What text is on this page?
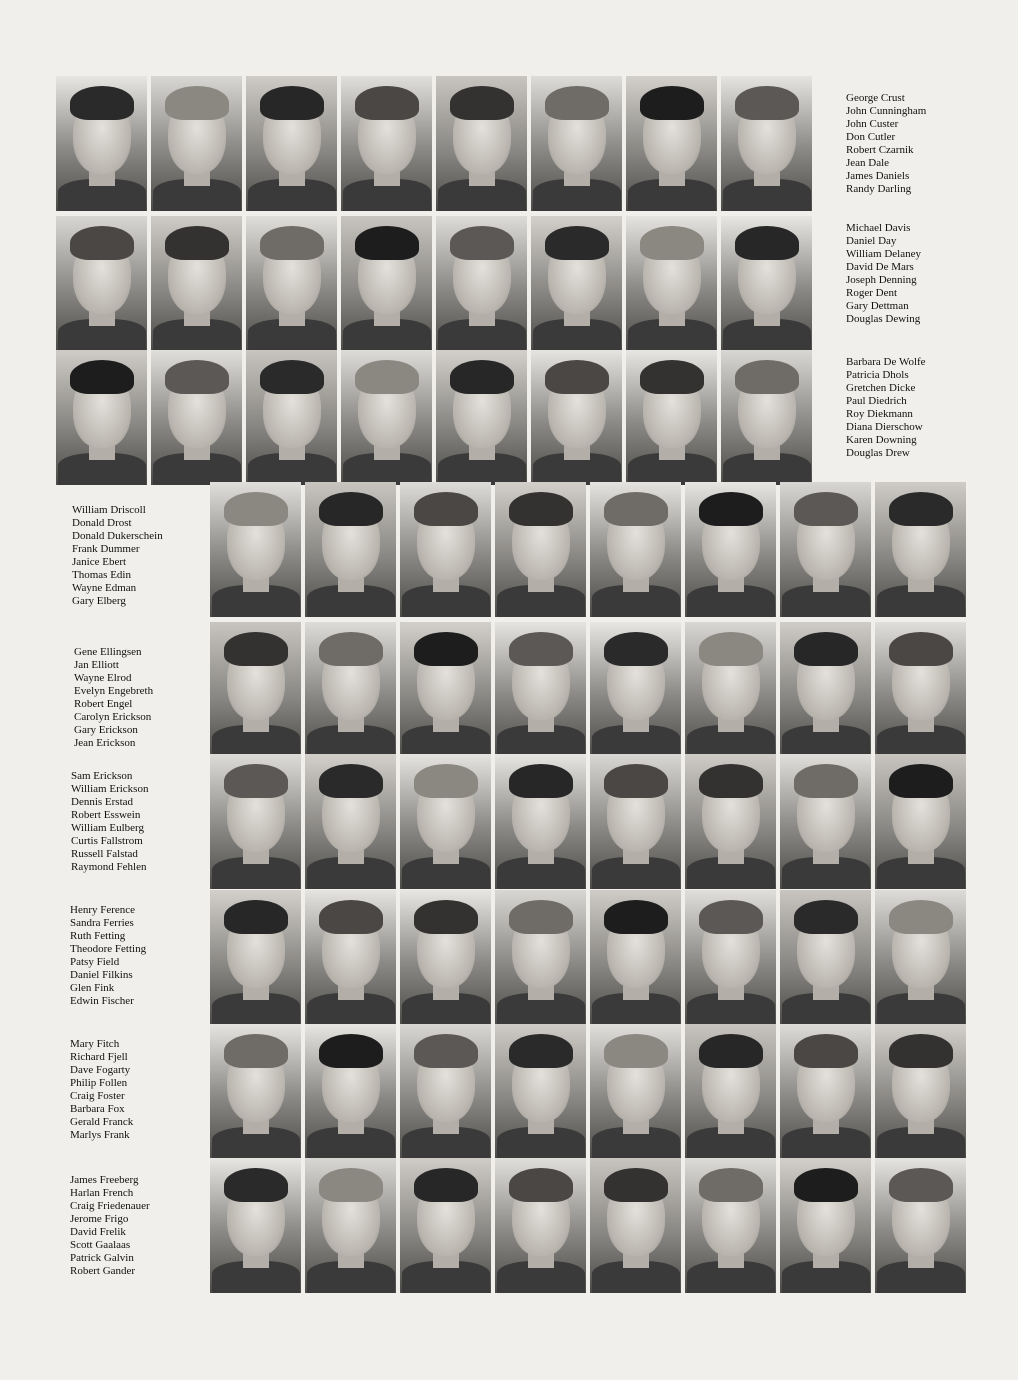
George Crust
John Cunningham
John Custer
Don Cutler
Robert Czarnik
Jean Dale
James Daniels
Randy Darling
Michael Davis
Daniel Day
William Delaney
David De Mars
Joseph Denning
Roger Dent
Gary Dettman
Douglas Dewing
Barbara De Wolfe
Patricia Dhols
Gretchen Dicke
Paul Diedrich
Roy Diekmann
Diana Dierschow
Karen Downing
Douglas Drew
William Driscoll
Donald Drost
Donald Dukerschein
Frank Dummer
Janice Ebert
Thomas Edin
Wayne Edman
Gary Elberg
Gene Ellingsen
Jan Elliott
Wayne Elrod
Evelyn Engebreth
Robert Engel
Carolyn Erickson
Gary Erickson
Jean Erickson
Sam Erickson
William Erickson
Dennis Erstad
Robert Esswein
William Eulberg
Curtis Fallstrom
Russell Falstad
Raymond Fehlen
Henry Ference
Sandra Ferries
Ruth Fetting
Theodore Fetting
Patsy Field
Daniel Filkins
Glen Fink
Edwin Fischer
Mary Fitch
Richard Fjell
Dave Fogarty
Philip Follen
Craig Foster
Barbara Fox
Gerald Franck
Marlys Frank
James Freeberg
Harlan French
Craig Friedenauer
Jerome Frigo
David Frelik
Scott Gaalaas
Patrick Galvin
Robert Gander
